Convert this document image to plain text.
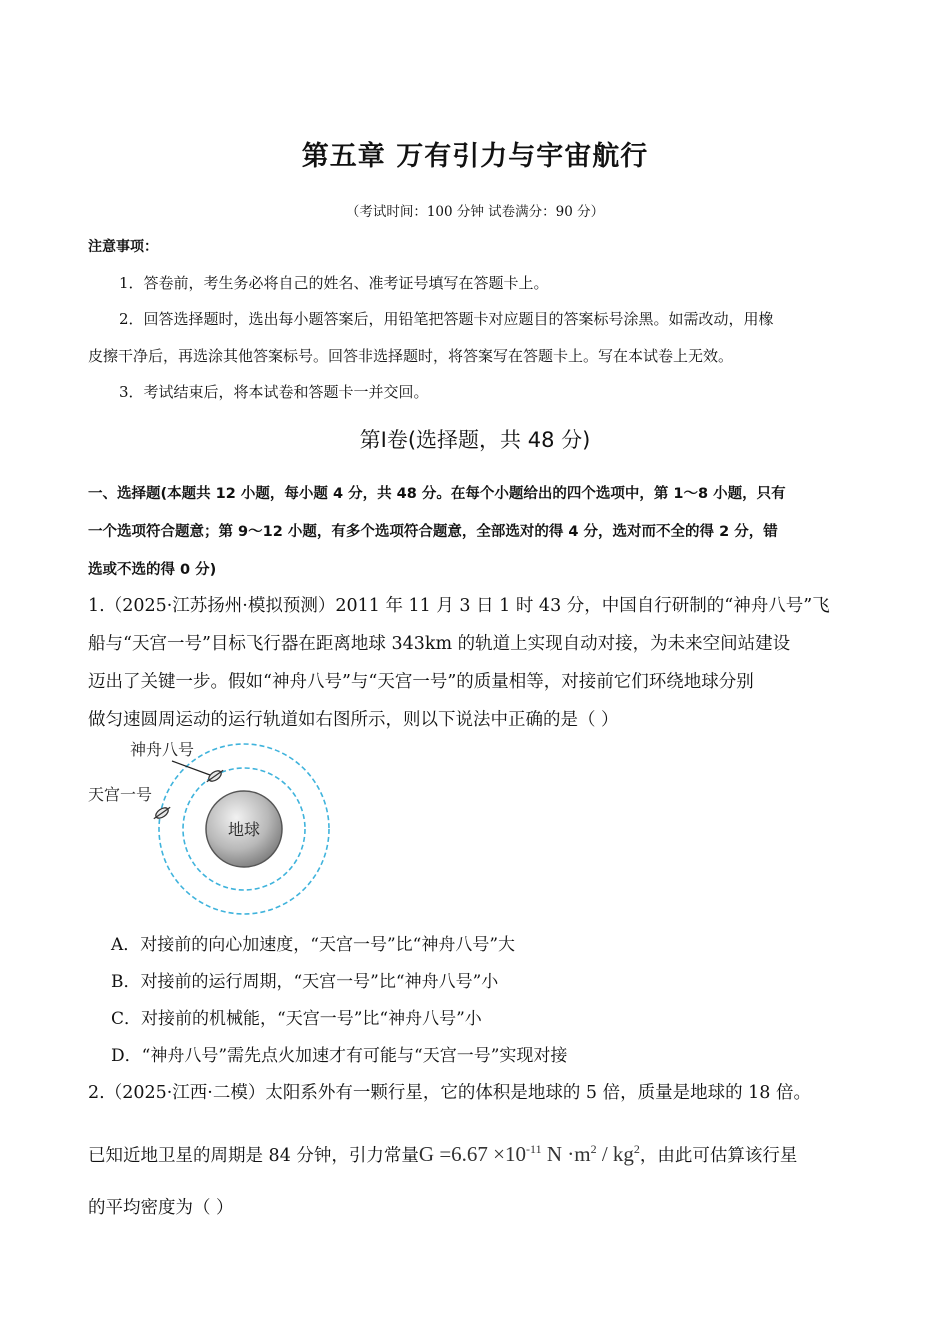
第五章 万有引力与宇宙航行
（考试时间：100 分钟 试卷满分：90 分）
注意事项：
1．答卷前，考生务必将自己的姓名、准考证号填写在答题卡上。
2．回答选择题时，选出每小题答案后，用铅笔把答题卡对应题目的答案标号涂黑。如需改动，用橡
皮擦干净后，再选涂其他答案标号。回答非选择题时，将答案写在答题卡上。写在本试卷上无效。
3．考试结束后，将本试卷和答题卡一并交回。
第Ⅰ卷(选择题，共 48 分)
一、选择题(本题共 12 小题，每小题 4 分，共 48 分。在每个小题给出的四个选项中，第 1～8 小题，只有
一个选项符合题意；第 9～12 小题，有多个选项符合题意，全部选对的得 4 分，选对而不全的得 2 分，错
选或不选的得 0 分)
1.（2025·江苏扬州·模拟预测）2011 年 11 月 3 日 1 时 43 分，中国自行研制的“神舟八号”飞
船与“天宫一号”目标飞行器在距离地球 343km 的轨道上实现自动对接，为未来空间站建设
迈出了关键一步。假如“神舟八号”与“天宫一号”的质量相等，对接前它们环绕地球分别
做匀速圆周运动的运行轨道如右图所示，则以下说法中正确的是（ ）
地球
神舟八号
天宫一号
A．对接前的向心加速度，“天宫一号”比“神舟八号”大
B．对接前的运行周期，“天宫一号”比“神舟八号”小
C．对接前的机械能，“天宫一号”比“神舟八号”小
D．“神舟八号”需先点火加速才有可能与“天宫一号”实现对接
2.（2025·江西·二模）太阳系外有一颗行星，它的体积是地球的 5 倍，质量是地球的 18 倍。
已知近地卫星的周期是 84 分钟，引力常量$G =6.67 \times 10^{-11}$ $N \cdot m^2 / kg^2$，由此可估算该行星
的平均密度为（ ）
